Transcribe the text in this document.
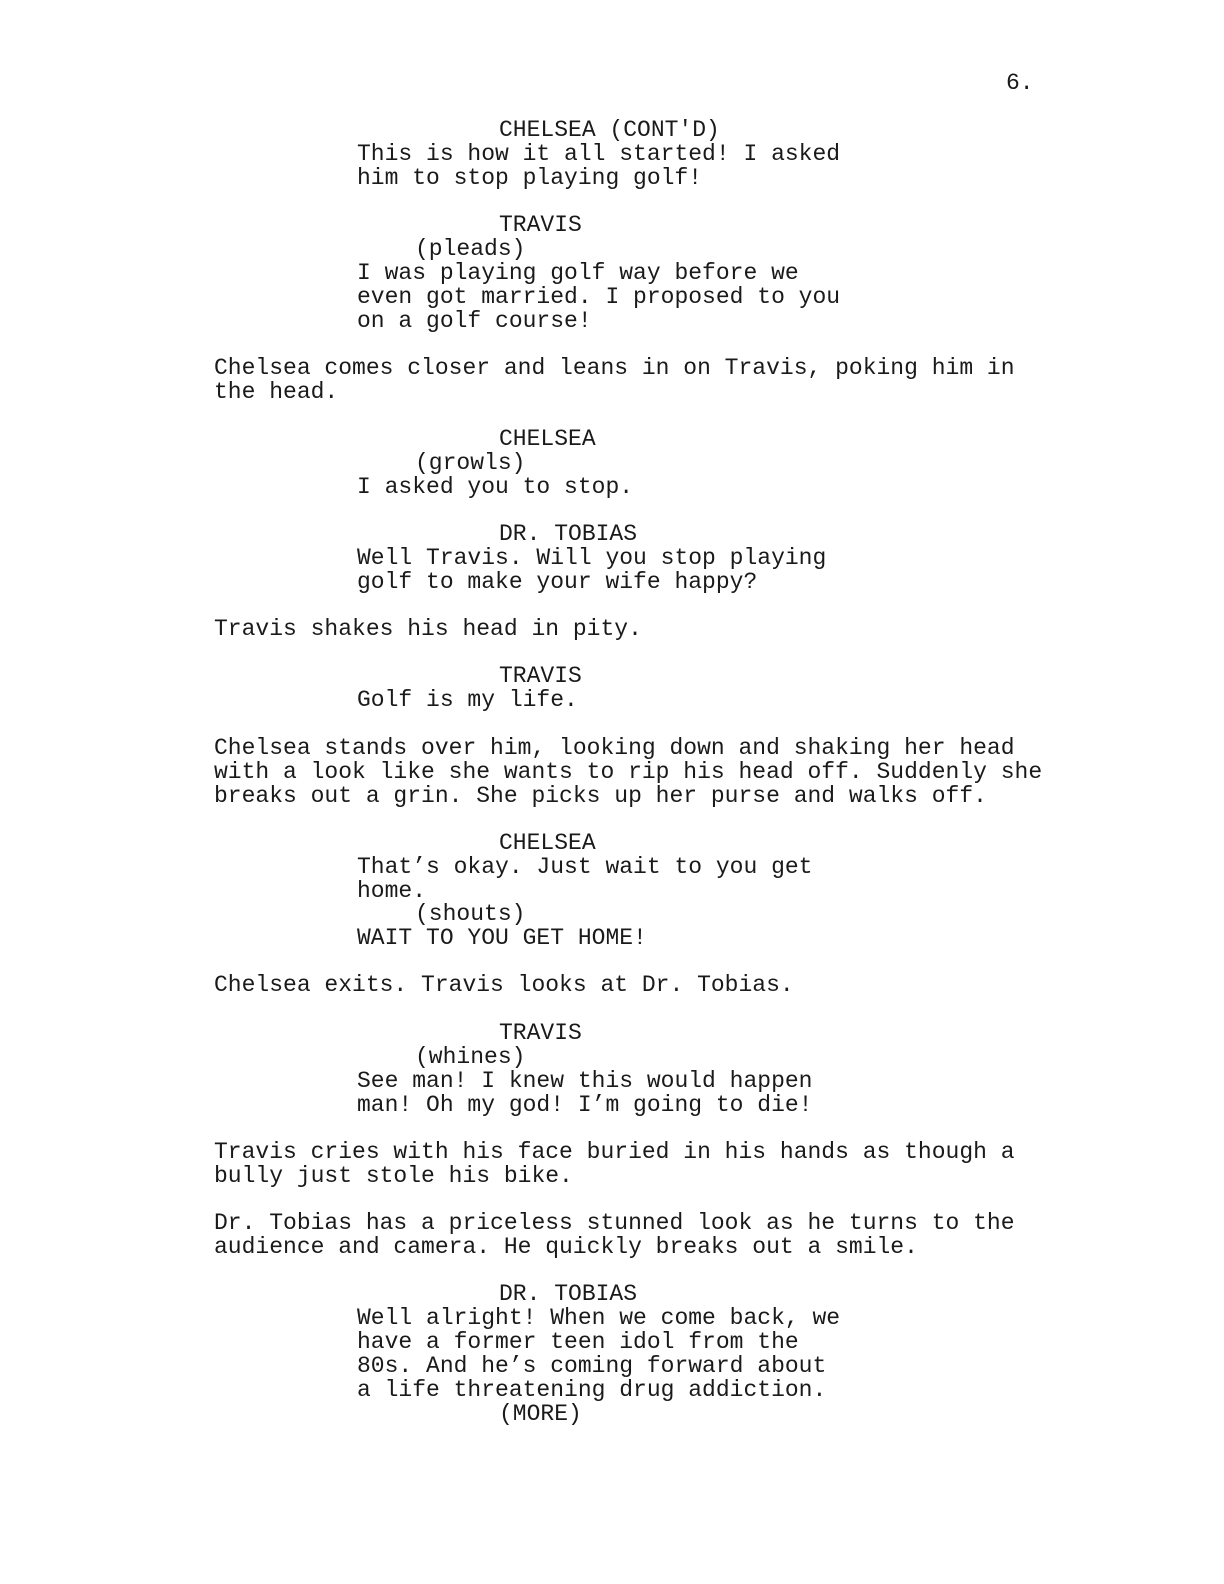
6.
CHELSEA (CONT'D)
This is how it all started! I asked
him to stop playing golf!
TRAVIS
(pleads)
I was playing golf way before we
even got married. I proposed to you
on a golf course!
Chelsea comes closer and leans in on Travis, poking him in
the head.
CHELSEA
(growls)
I asked you to stop.
DR. TOBIAS
Well Travis. Will you stop playing
golf to make your wife happy?
Travis shakes his head in pity.
TRAVIS
Golf is my life.
Chelsea stands over him, looking down and shaking her head
with a look like she wants to rip his head off. Suddenly she
breaks out a grin. She picks up her purse and walks off.
CHELSEA
That’s okay. Just wait to you get
home.
(shouts)
WAIT TO YOU GET HOME!
Chelsea exits. Travis looks at Dr. Tobias.
TRAVIS
(whines)
See man! I knew this would happen
man! Oh my god! I’m going to die!
Travis cries with his face buried in his hands as though a
bully just stole his bike.
Dr. Tobias has a priceless stunned look as he turns to the
audience and camera. He quickly breaks out a smile.
DR. TOBIAS
Well alright! When we come back, we
have a former teen idol from the
80s. And he’s coming forward about
a life threatening drug addiction.
(MORE)
